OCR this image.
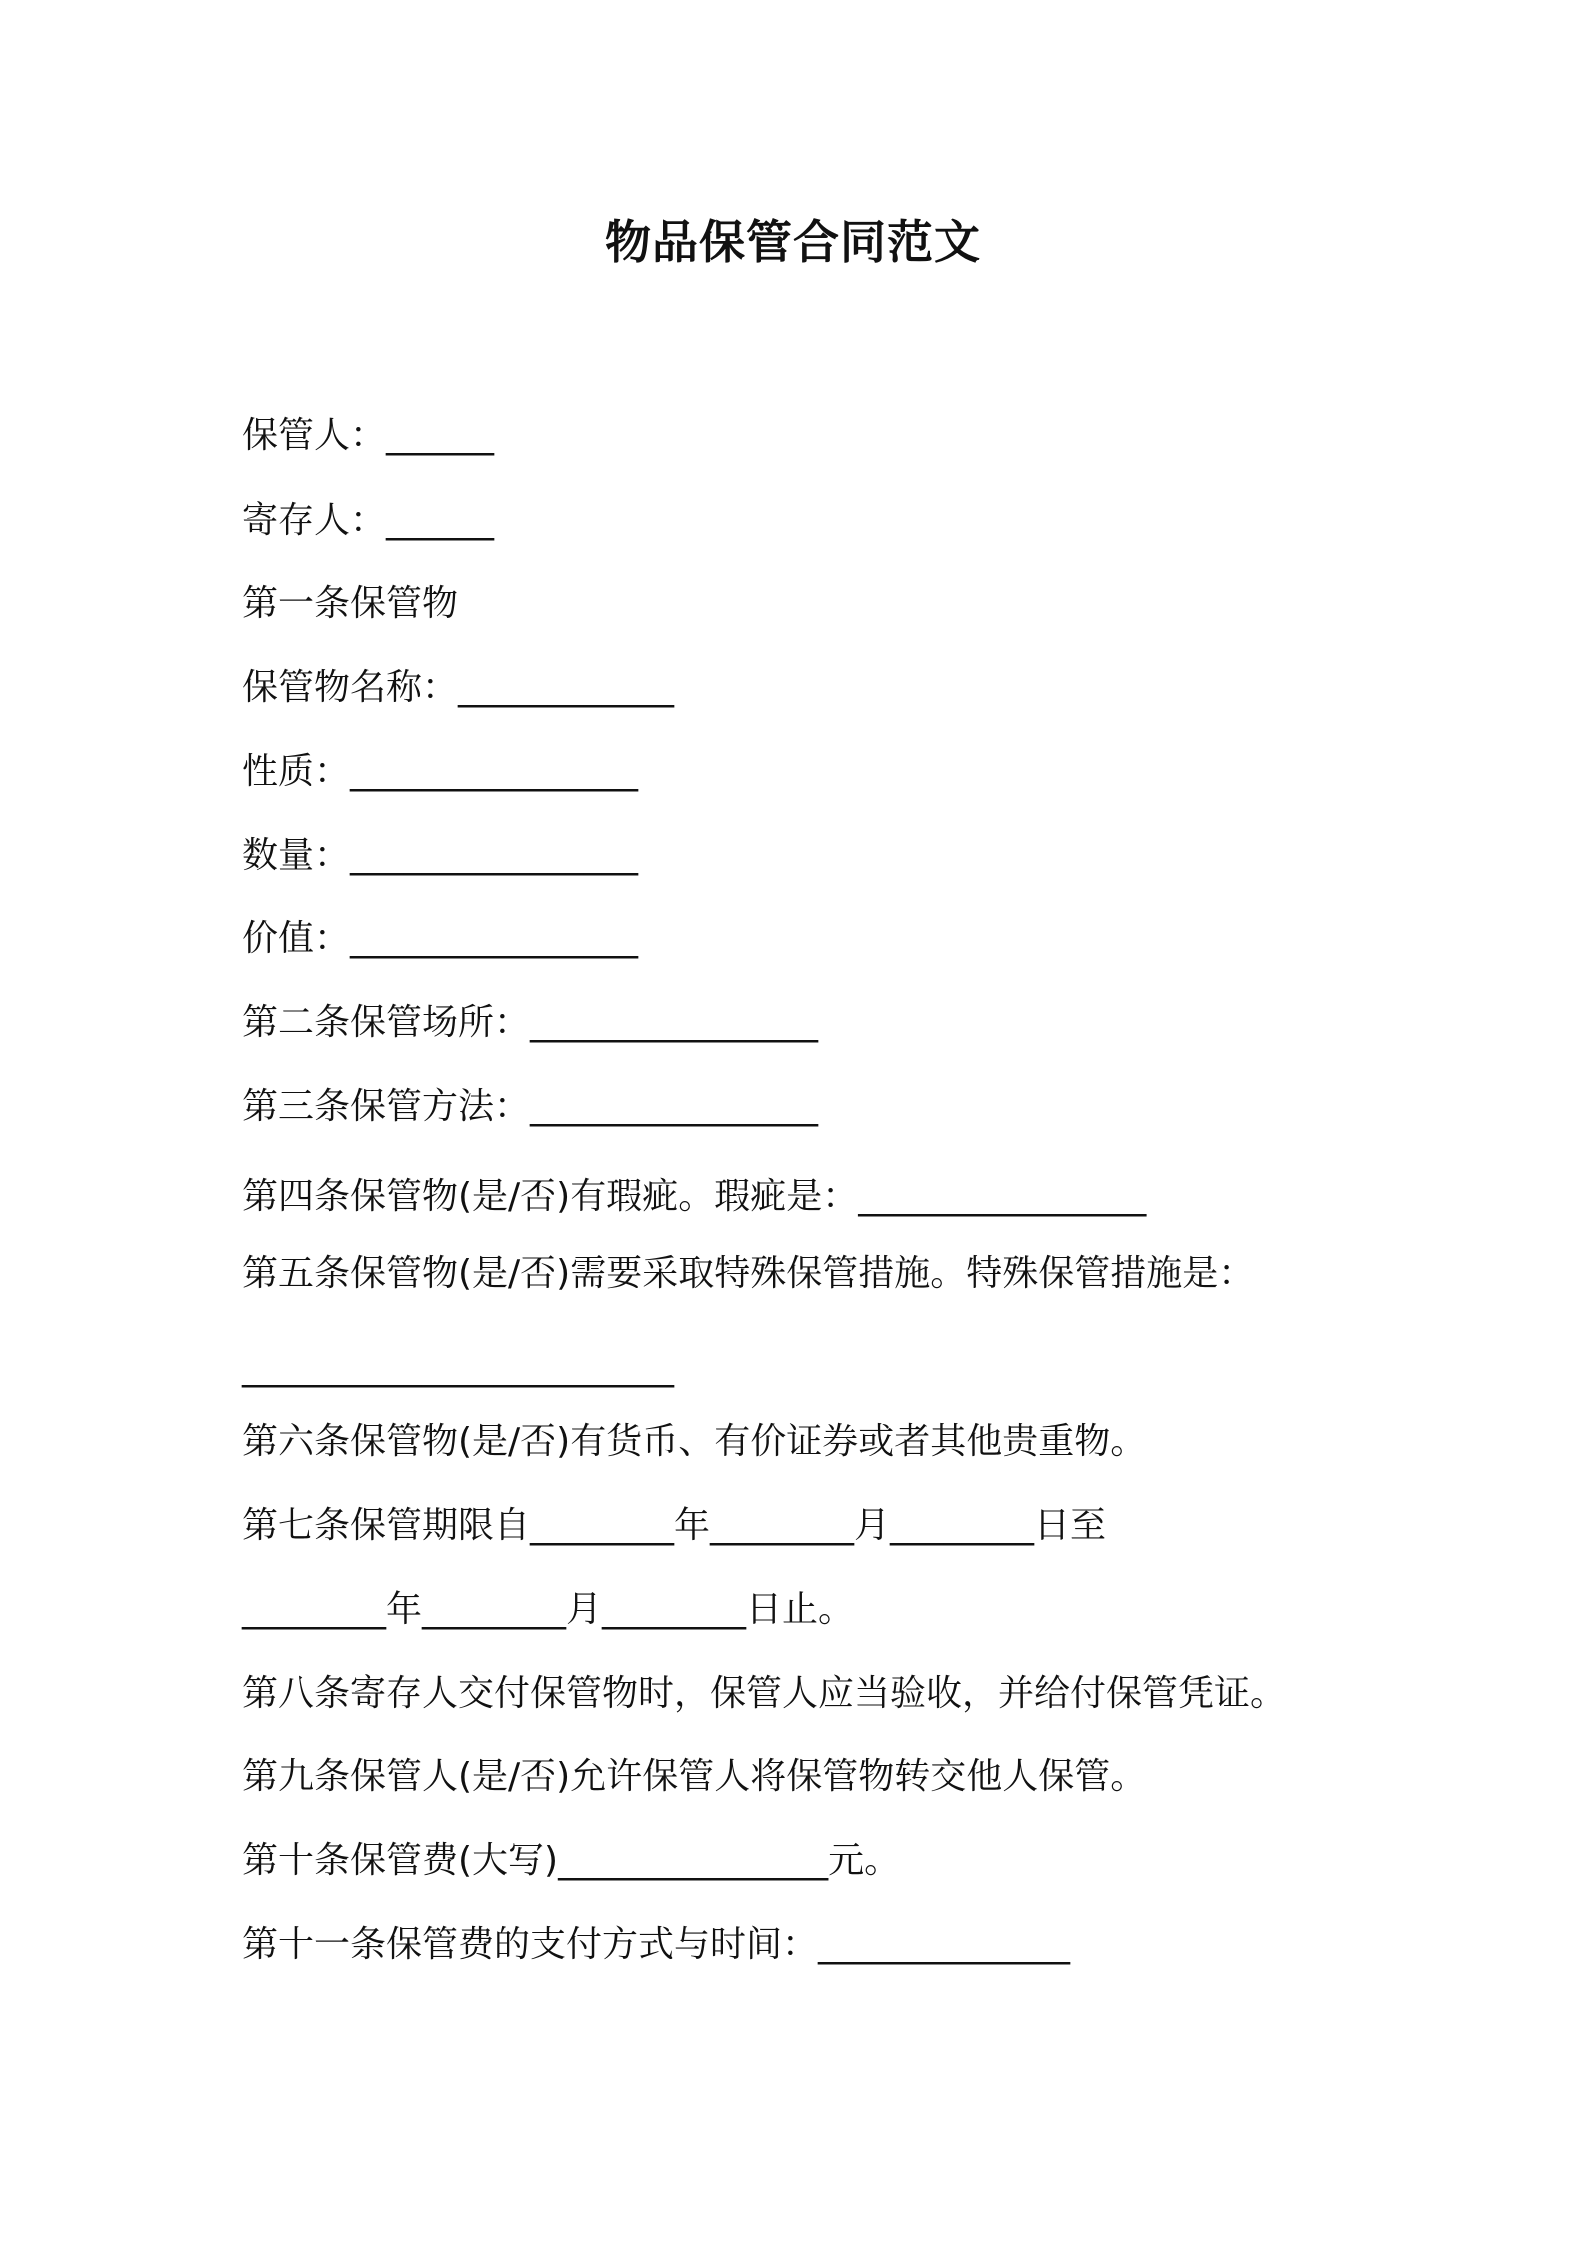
物品保管合同范文
保管人：______
寄存人：______
第一条保管物
保管物名称：____________
性质：________________
数量：________________
价值：________________
第二条保管场所：________________
第三条保管方法：________________
第四条保管物(是/否)有瑕疵。瑕疵是：________________
第五条保管物(是/否)需要采取特殊保管措施。特殊保管措施是：
________________________
第六条保管物(是/否)有货币、有价证券或者其他贵重物。
第七条保管期限自________年________月________日至
________年________月________日止。
第八条寄存人交付保管物时，保管人应当验收，并给付保管凭证。
第九条保管人(是/否)允许保管人将保管物转交他人保管。
第十条保管费(大写)_______________元。
第十一条保管费的支付方式与时间：______________
